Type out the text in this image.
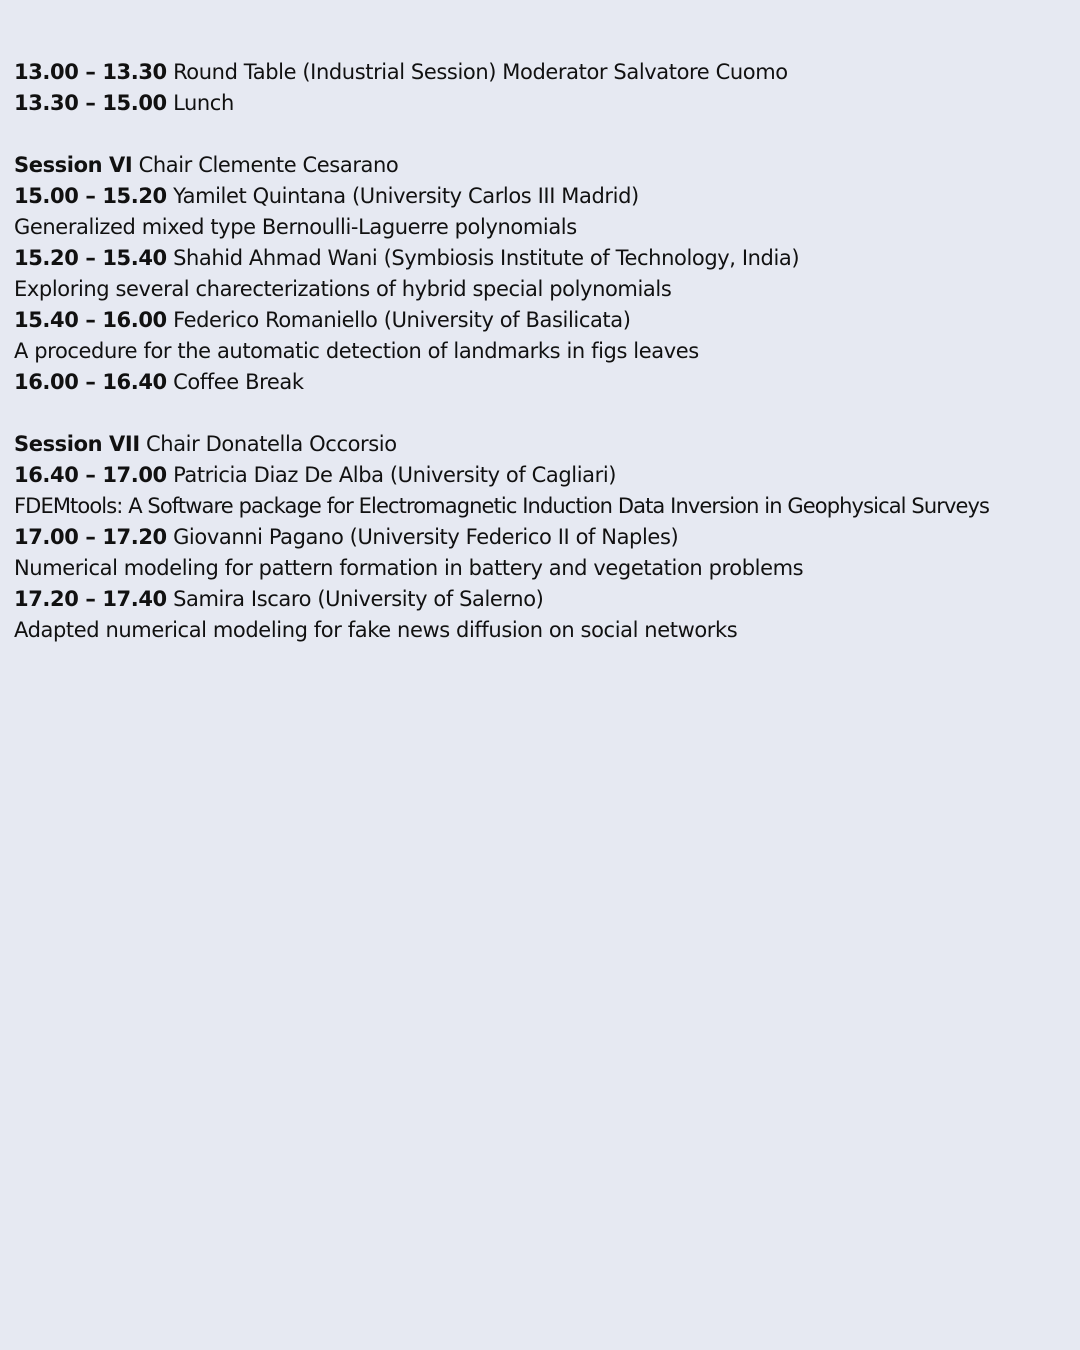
13.00 – 13.30 Round Table (Industrial Session) Moderator Salvatore Cuomo
13.30 – 15.00 Lunch
Session VI Chair Clemente Cesarano
15.00 – 15.20 Yamilet Quintana (University Carlos III Madrid)
Generalized mixed type Bernoulli-Laguerre polynomials
15.20 – 15.40 Shahid Ahmad Wani (Symbiosis Institute of Technology, India)
Exploring several charecterizations of hybrid special polynomials
15.40 – 16.00 Federico Romaniello (University of Basilicata)
A procedure for the automatic detection of landmarks in figs leaves
16.00 – 16.40 Coffee Break
Session VII Chair Donatella Occorsio
16.40 – 17.00 Patricia Diaz De Alba (University of Cagliari)
FDEMtools: A Software package for Electromagnetic Induction Data Inversion in Geophysical Surveys
17.00 – 17.20 Giovanni Pagano (University Federico II of Naples)
Numerical modeling for pattern formation in battery and vegetation problems
17.20 – 17.40 Samira Iscaro (University of Salerno)
Adapted numerical modeling for fake news diffusion on social networks
